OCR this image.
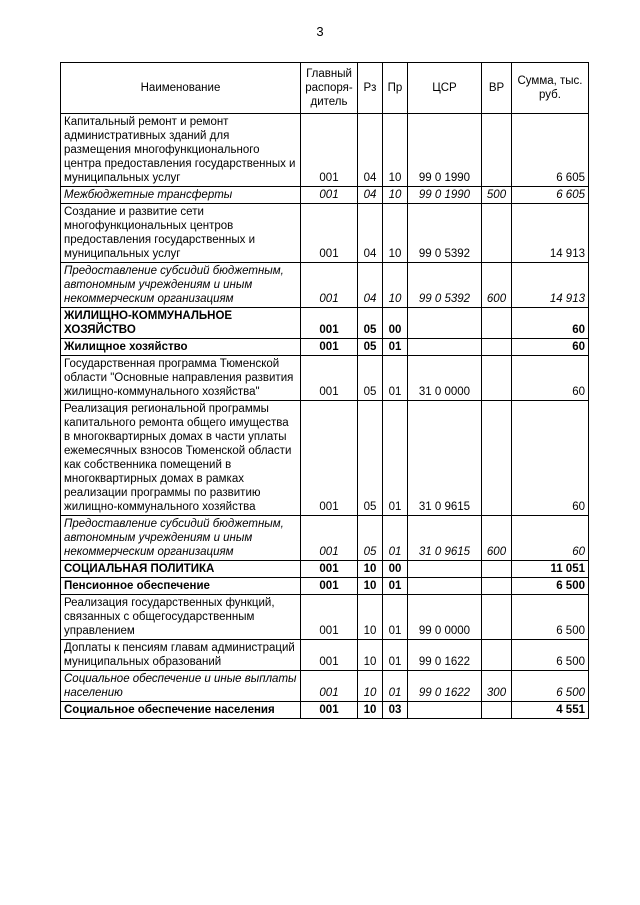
3
Наименование	Главный распоря-дитель	Рз	Пр	ЦСР	ВР	Сумма, тыс. руб.
Капитальный ремонт и ремонт административных зданий для размещения многофункционального центра предоставления государственных и муниципальных услуг	001	04	10	99 0 1990		6 605
Межбюджетные трансферты	001	04	10	99 0 1990	500	6 605
Создание и развитие сети многофункциональных центров предоставления государственных и муниципальных услуг	001	04	10	99 0 5392		14 913
Предоставление субсидий бюджетным, автономным учреждениям и иным некоммерческим организациям	001	04	10	99 0 5392	600	14 913
ЖИЛИЩНО-КОММУНАЛЬНОЕ ХОЗЯЙСТВО	001	05	00			60
Жилищное хозяйство	001	05	01			60
Государственная программа Тюменской области "Основные направления развития жилищно-коммунального хозяйства"	001	05	01	31 0 0000		60
Реализация региональной программы капитального ремонта общего имущества в многоквартирных домах в части уплаты ежемесячных взносов Тюменской области как собственника помещений в многоквартирных домах в рамках реализации программы по развитию жилищно-коммунального хозяйства	001	05	01	31 0 9615		60
Предоставление субсидий бюджетным, автономным учреждениям и иным некоммерческим организациям	001	05	01	31 0 9615	600	60
СОЦИАЛЬНАЯ ПОЛИТИКА	001	10	00			11 051
Пенсионное обеспечение	001	10	01			6 500
Реализация государственных функций, связанных с общегосударственным управлением	001	10	01	99 0 0000		6 500
Доплаты к пенсиям главам администраций муниципальных образований	001	10	01	99 0 1622		6 500
Социальное обеспечение и иные выплаты населению	001	10	01	99 0 1622	300	6 500
Социальное обеспечение населения	001	10	03			4 551
